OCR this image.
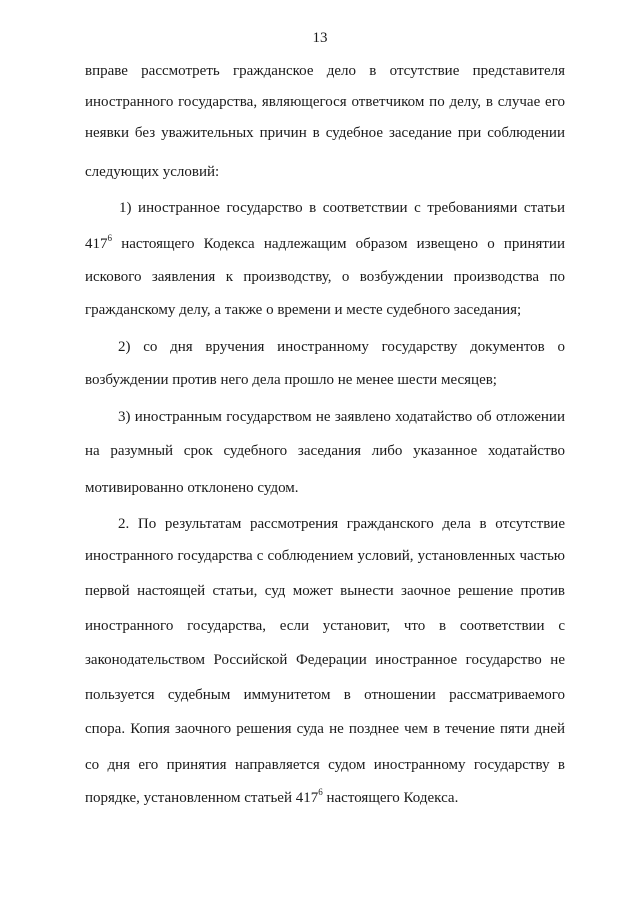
13
вправе рассмотреть гражданское дело в отсутствие представителя
иностранного государства, являющегося ответчиком по делу, в случае его
неявки без уважительных причин в судебное заседание при соблюдении
следующих условий:
1) иностранное государство в соответствии с требованиями статьи
$417^6$ настоящего Кодекса надлежащим образом извещено о принятии
искового заявления к производству, о возбуждении производства по
гражданскому делу, а также о времени и месте судебного заседания;
2) со дня вручения иностранному государству документов о
возбуждении против него дела прошло не менее шести месяцев;
3) иностранным государством не заявлено ходатайство об отложении
на разумный срок судебного заседания либо указанное ходатайство
мотивированно отклонено судом.
2. По результатам рассмотрения гражданского дела в отсутствие
иностранного государства с соблюдением условий, установленных частью
первой настоящей статьи, суд может вынести заочное решение против
иностранного государства, если установит, что в соответствии с
законодательством Российской Федерации иностранное государство не
пользуется судебным иммунитетом в отношении рассматриваемого
спора. Копия заочного решения суда не позднее чем в течение пяти дней
со дня его принятия направляется судом иностранному государству в
порядке, установленном статьей $417^6$ настоящего Кодекса.
